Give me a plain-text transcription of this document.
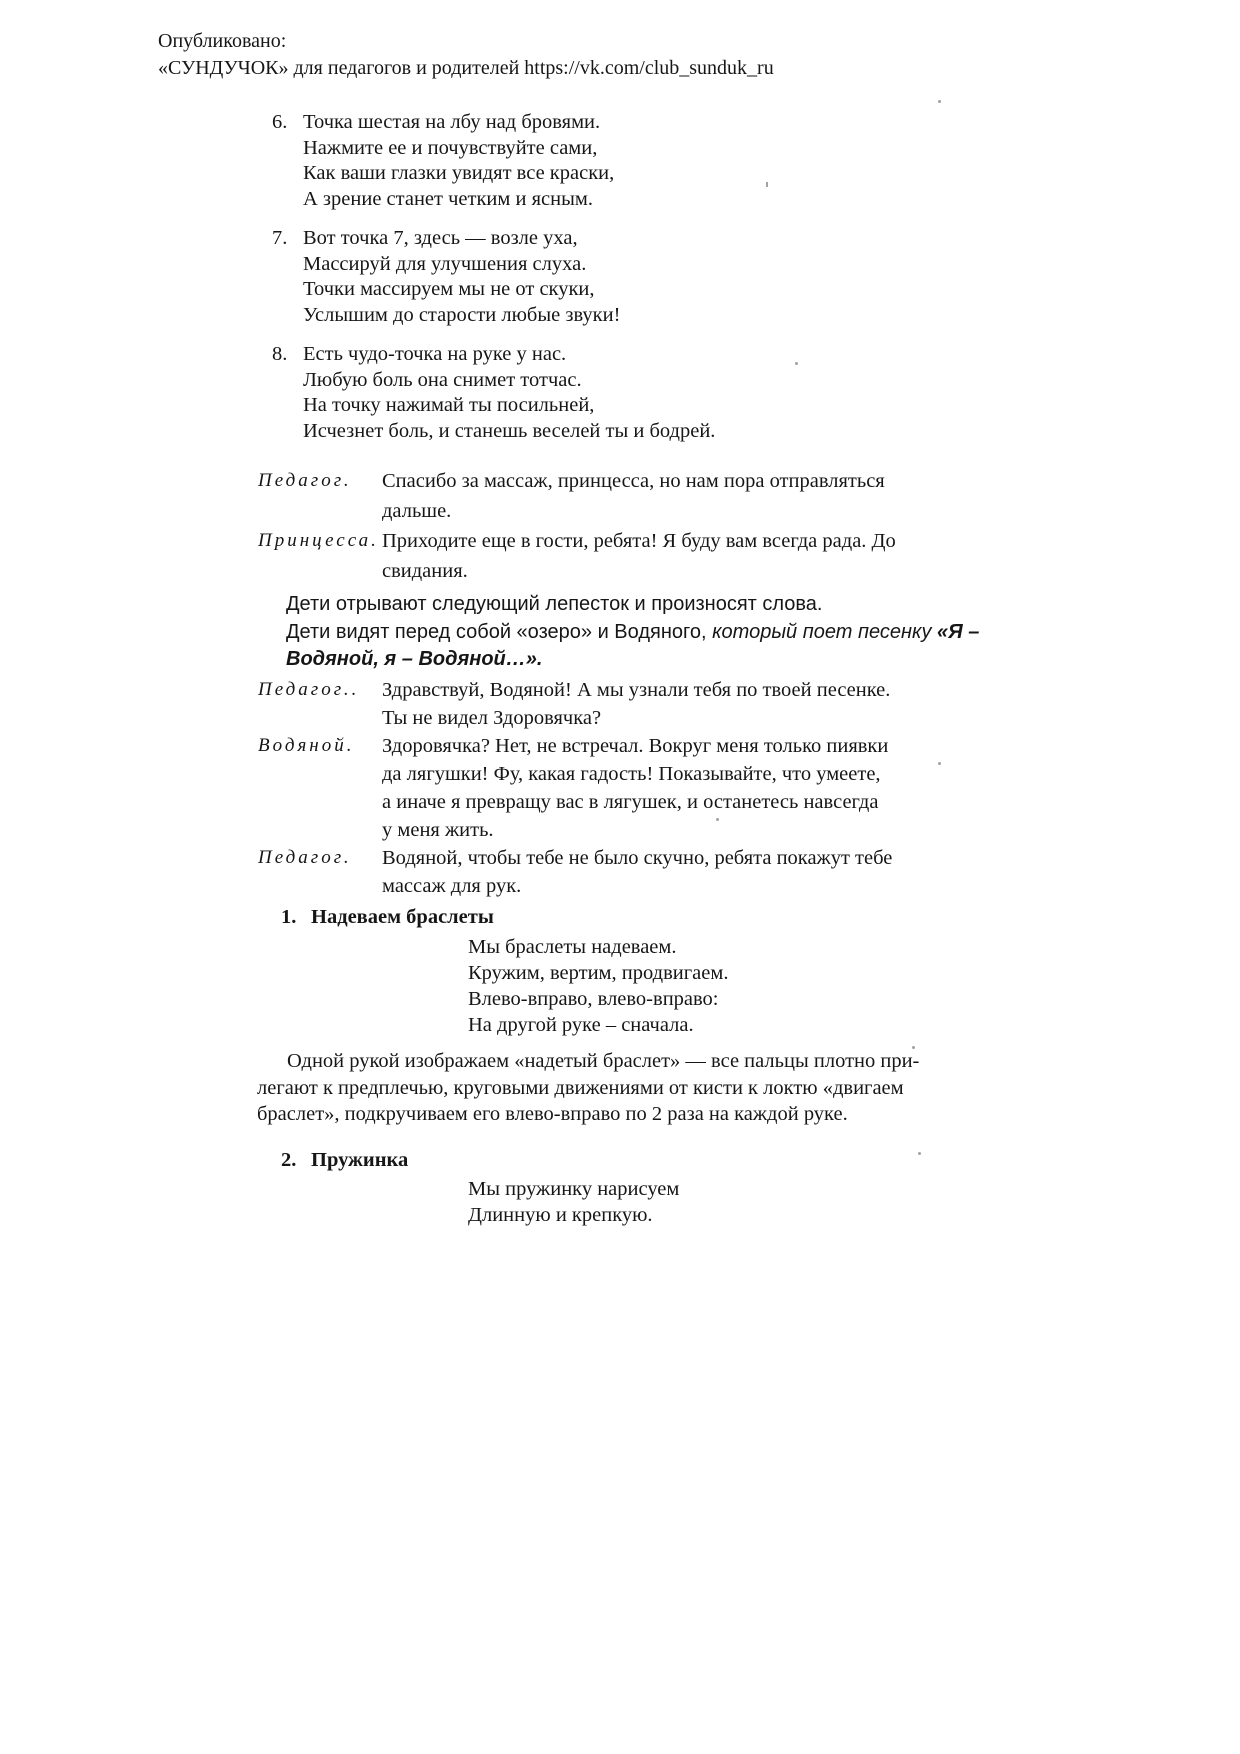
Опубликовано:
«СУНДУЧОК» для педагогов и родителей https://vk.com/club_sunduk_ru
6. Точка шестая на лбу над бровями.
Нажмите ее и почувствуйте сами,
Как ваши глазки увидят все краски,
А зрение станет четким и ясным.
7. Вот точка 7, здесь — возле уха,
Массируй для улучшения слуха.
Точки массируем мы не от скуки,
Услышим до старости любые звуки!
8. Есть чудо-точка на руке у нас.
Любую боль она снимет тотчас.
На точку нажимай ты посильней,
Исчезнет боль, и станешь веселей ты и бодрей.
Педагог.	Спасибо за массаж, принцесса, но нам пора отправляться
дальше.
Принцесса. Приходите еще в гости, ребята! Я буду вам всегда рада. До
свидания.
Дети отрывают следующий лепесток и произносят слова.
Дети видят перед собой «озеро» и Водяного, который поет песенку «Я –
Водяной, я – Водяной…».
Педагог..	Здравствуй, Водяной! А мы узнали тебя по твоей песенке.
Ты не видел Здоровячка?
Водяной.	Здоровячка? Нет, не встречал. Вокруг меня только пиявки
да лягушки! Фу, какая гадость! Показывайте, что умеете,
а иначе я превращу вас в лягушек, и останетесь навсегда
у меня жить.
Педагог.	Водяной, чтобы тебе не было скучно, ребята покажут тебе
массаж для рук.
1. Надеваем браслеты
Мы браслеты надеваем.
Кружим, вертим, продвигаем.
Влево-вправо, влево-вправо:
На другой руке – сначала.
Одной рукой изображаем «надетый браслет» — все пальцы плотно при-
легают к предплечью, круговыми движениями от кисти к локтю «двигаем
браслет», подкручиваем его влево-вправо по 2 раза на каждой руке.
2. Пружинка
Мы пружинку нарисуем
Длинную и крепкую.
